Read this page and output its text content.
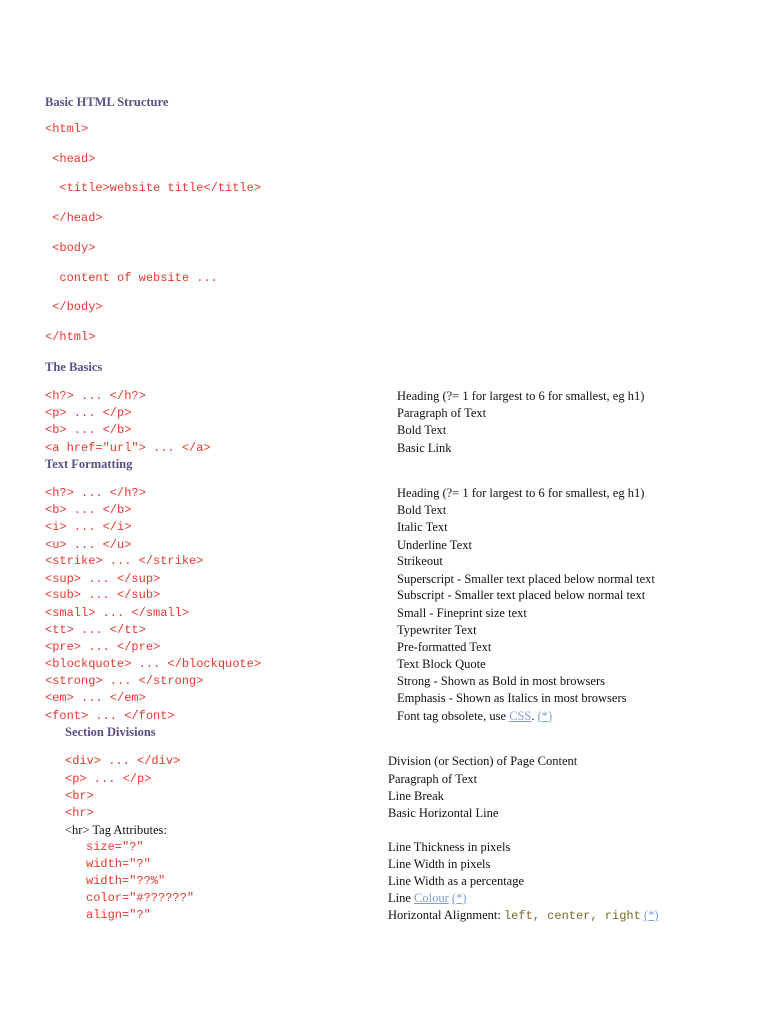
Basic HTML Structure
<html>
<head>
<title>website title</title>
</head>
<body>
content of website ...
</body>
</html>
The Basics
<h?> ... </h?>	Heading (?= 1 for largest to 6 for smallest, eg h1)
<p> ... </p>	Paragraph of Text
<b> ... </b>	Bold Text
<a href="url"> ... </a>	Basic Link
Text Formatting
<h?> ... </h?>	Heading (?= 1 for largest to 6 for smallest, eg h1)
<b> ... </b>	Bold Text
<i> ... </i>	Italic Text
<u> ... </u>	Underline Text
<strike> ... </strike>	Strikeout
<sup> ... </sup>	Superscript - Smaller text placed below normal text
<sub> ... </sub>	Subscript - Smaller text placed below normal text
<small> ... </small>	Small - Fineprint size text
<tt> ... </tt>	Typewriter Text
<pre> ... </pre>	Pre-formatted Text
<blockquote> ... </blockquote>	Text Block Quote
<strong> ... </strong>	Strong - Shown as Bold in most browsers
<em> ... </em>	Emphasis - Shown as Italics in most browsers
<font> ... </font>	Font tag obsolete, use CSS. (*)
Section Divisions
<div> ... </div>	Division (or Section) of Page Content
<p> ... </p>	Paragraph of Text
<br>	Line Break
<hr>	Basic Horizontal Line
<hr> Tag Attributes:
size="?"	Line Thickness in pixels
width="?"	Line Width in pixels
width="??%"	Line Width as a percentage
color="#??????"	Line Colour (*)
align="?"	Horizontal Alignment: left, center, right (*)
